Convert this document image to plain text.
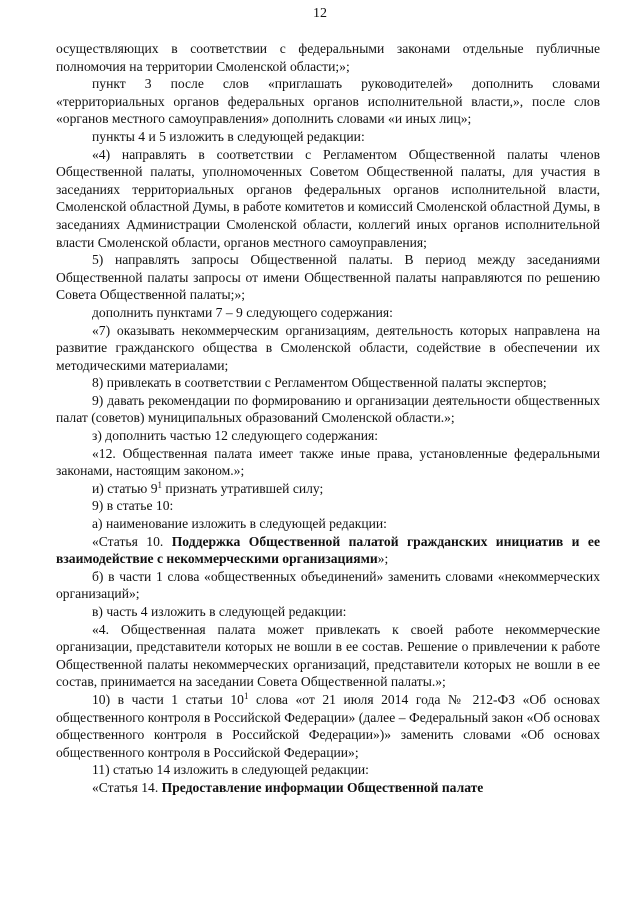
12

осуществляющих в соответствии с федеральными законами отдельные публичные полномочия на территории Смоленской области;»;

пункт 3 после слов «приглашать руководителей» дополнить словами «территориальных органов федеральных органов исполнительной власти,», после слов «органов местного самоуправления» дополнить словами «и иных лиц»;

пункты 4 и 5 изложить в следующей редакции:

«4) направлять в соответствии с Регламентом Общественной палаты членов Общественной палаты, уполномоченных Советом Общественной палаты, для участия в заседаниях территориальных органов федеральных органов исполнительной власти, Смоленской областной Думы, в работе комитетов и комиссий Смоленской областной Думы, в заседаниях Администрации Смоленской области, коллегий иных органов исполнительной власти Смоленской области, органов местного самоуправления;

5) направлять запросы Общественной палаты. В период между заседаниями Общественной палаты запросы от имени Общественной палаты направляются по решению Совета Общественной палаты;»;

дополнить пунктами 7 – 9 следующего содержания:

«7) оказывать некоммерческим организациям, деятельность которых направлена на развитие гражданского общества в Смоленской области, содействие в обеспечении их методическими материалами;

8) привлекать в соответствии с Регламентом Общественной палаты экспертов;

9) давать рекомендации по формированию и организации деятельности общественных палат (советов) муниципальных образований Смоленской области.»;

з) дополнить частью 12 следующего содержания:

«12. Общественная палата имеет также иные права, установленные федеральными законами, настоящим законом.»;

и) статью $9^1$ признать утратившей силу;

9) в статье 10:

а) наименование изложить в следующей редакции:

«Статья 10. Поддержка Общественной палатой гражданских инициатив и ее взаимодействие с некоммерческими организациями»;

б) в части 1 слова «общественных объединений» заменить словами «некоммерческих организаций»;

в) часть 4 изложить в следующей редакции:

«4. Общественная палата может привлекать к своей работе некоммерческие организации, представители которых не вошли в ее состав. Решение о привлечении к работе Общественной палаты некоммерческих организаций, представители которых не вошли в ее состав, принимается на заседании Совета Общественной палаты.»;

10) в части 1 статьи $10^1$ слова «от 21 июля 2014 года № 212-ФЗ «Об основах общественного контроля в Российской Федерации» (далее – Федеральный закон «Об основах общественного контроля в Российской Федерации»)» заменить словами «Об основах общественного контроля в Российской Федерации»;

11) статью 14 изложить в следующей редакции:

«Статья 14. Предоставление информации Общественной палате
